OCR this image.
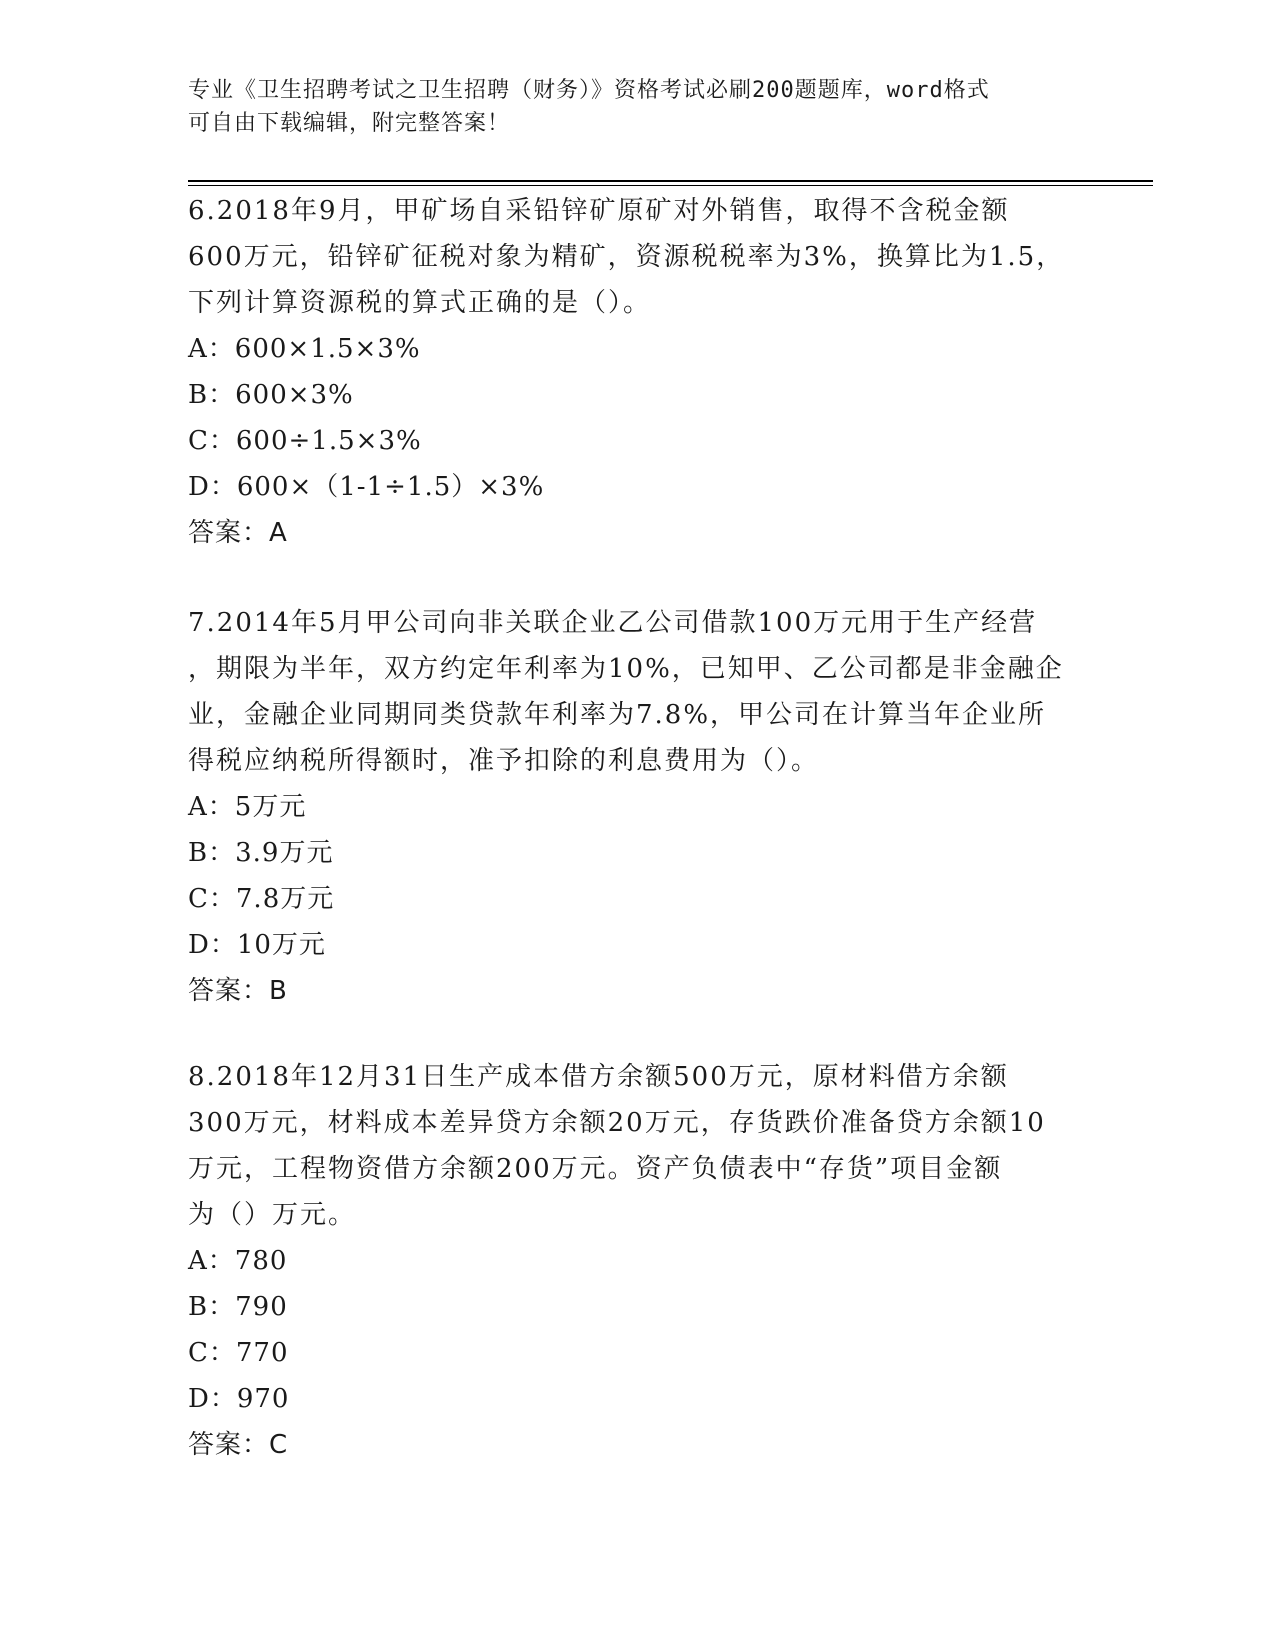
专业《卫生招聘考试之卫生招聘（财务）》资格考试必刷200题题库，word格式
可自由下载编辑，附完整答案！
6.2018年9月，甲矿场自采铅锌矿原矿对外销售，取得不含税金额
600万元，铅锌矿征税对象为精矿，资源税税率为3%，换算比为1.5，
下列计算资源税的算式正确的是（）。
A：600×1.5×3%
B：600×3%
C：600÷1.5×3%
D：600×（1-1÷1.5）×3%
答案：A
7.2014年5月甲公司向非关联企业乙公司借款100万元用于生产经营
，期限为半年，双方约定年利率为10%，已知甲、乙公司都是非金融企
业，金融企业同期同类贷款年利率为7.8%，甲公司在计算当年企业所
得税应纳税所得额时，准予扣除的利息费用为（）。
A：5万元
B：3.9万元
C：7.8万元
D：10万元
答案：B
8.2018年12月31日生产成本借方余额500万元，原材料借方余额
300万元，材料成本差异贷方余额20万元，存货跌价准备贷方余额10
万元，工程物资借方余额200万元。资产负债表中“存货”项目金额
为（）万元。
A：780
B：790
C：770
D：970
答案：C
